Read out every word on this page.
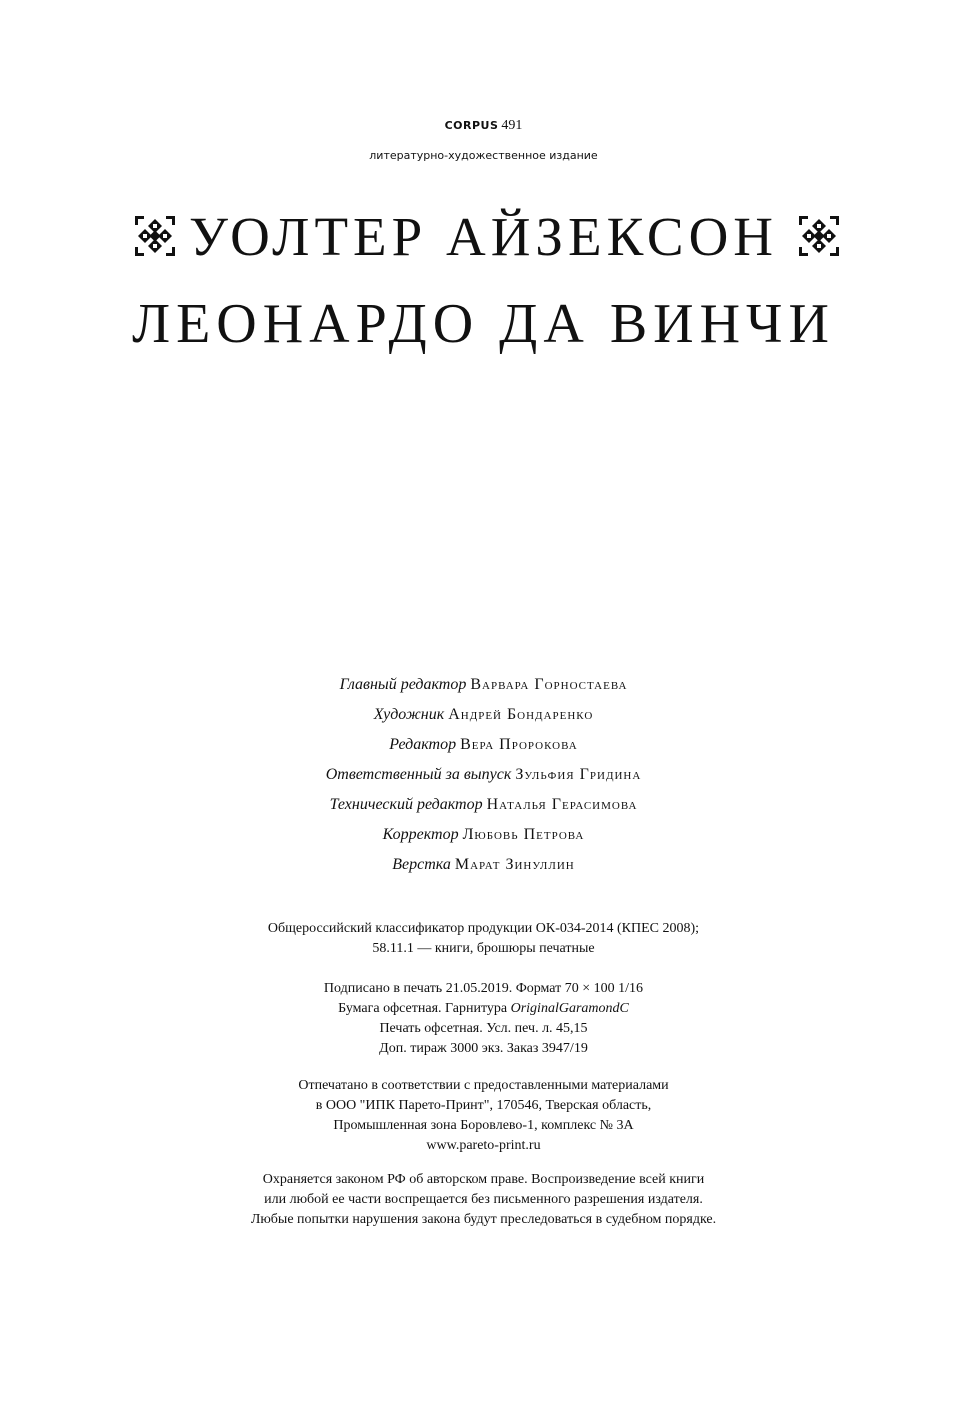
CORPUS 491
литературно-художественное издание
УОЛТЕР АЙЗЕКСОН
ЛЕОНАРДО ДА ВИНЧИ
Главный редактор Варвара Горностаева
Художник Андрей Бондаренко
Редактор Вера Пророкова
Ответственный за выпуск Зульфия Гридина
Технический редактор Наталья Герасимова
Корректор Любовь Петрова
Верстка Марат Зинуллин
Общероссийский классификатор продукции ОК-034-2014 (КПЕС 2008);
58.11.1 — книги, брошюры печатные
Подписано в печать 21.05.2019. Формат 70 × 100 1/16
Бумага офсетная. Гарнитура OriginalGaramondC
Печать офсетная. Усл. печ. л. 45,15
Доп. тираж 3000 экз. Заказ 3947/19
Отпечатано в соответствии с предоставленными материалами
в ООО "ИПК Парето-Принт", 170546, Тверская область,
Промышленная зона Боровлево-1, комплекс № 3А
www.pareto-print.ru
Охраняется законом РФ об авторском праве. Воспроизведение всей книги
или любой ее части воспрещается без письменного разрешения издателя.
Любые попытки нарушения закона будут преследоваться в судебном порядке.
